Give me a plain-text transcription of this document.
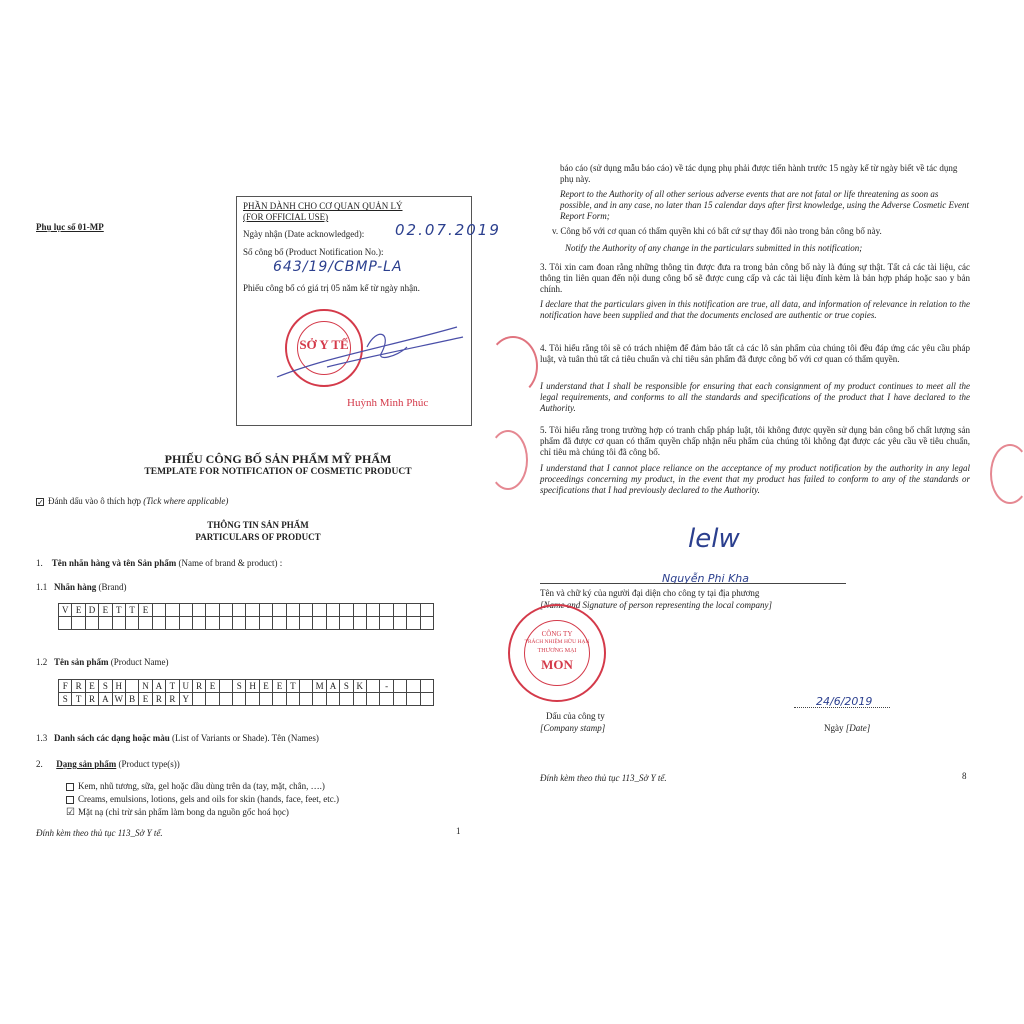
Phụ lục số 01-MP
PHẦN DÀNH CHO CƠ QUAN QUẢN LÝ
(FOR OFFICIAL USE)
Ngày nhận (Date acknowledged): 02.07.2019
Số công bố (Product Notification No.):
643/19/CBMP-LA
Phiếu công bố có giá trị 05 năm kể từ ngày nhận.
SỞ Y TẾ
Huỳnh Minh Phúc
PHIẾU CÔNG BỐ SẢN PHẨM MỸ PHẨM
TEMPLATE FOR NOTIFICATION OF COSMETIC PRODUCT
✓ Đánh dấu vào ô thích hợp (Tick where applicable)
THÔNG TIN SẢN PHẨM
PARTICULARS OF PRODUCT
1. Tên nhãn hàng và tên Sản phẩm (Name of brand & product) :
1.1 Nhãn hàng (Brand)
V	E	D	E	T	T	E																					

1.2 Tên sản phẩm (Product Name)
F	R	E	S	H		N	A	T	U	R	E		S	H	E	E	T		M	A	S	K		-			
S	T	R	A	W	B	E	R	R	Y																		
1.3 Danh sách các dạng hoặc màu (List of Variants or Shade). Tên (Names)
2. Dạng sản phẩm (Product type(s))
Kem, nhũ tương, sữa, gel hoặc dầu dùng trên da (tay, mặt, chân, ….)
Creams, emulsions, lotions, gels and oils for skin (hands, face, feet, etc.)
☑ Mặt nạ (chỉ trừ sản phẩm làm bong da nguồn gốc hoá học)
Đính kèm theo thủ tục 113_Sở Y tế.	1
báo cáo (sử dụng mẫu báo cáo) về tác dụng phụ phải được tiến hành trước 15 ngày kể từ ngày biết về tác dụng phụ này.
Report to the Authority of all other serious adverse events that are not fatal or life threatening as soon as possible, and in any case, no later than 15 calendar days after first knowledge, using the Adverse Cosmetic Event Report Form;
v. Công bố với cơ quan có thẩm quyền khi có bất cứ sự thay đổi nào trong bản công bố này.
Notify the Authority of any change in the particulars submitted in this notification;
3. Tôi xin cam đoan rằng những thông tin được đưa ra trong bản công bố này là đúng sự thật. Tất cả các tài liệu, các thông tin liên quan đến nội dung công bố sẽ được cung cấp và các tài liệu đính kèm là bản hợp pháp hoặc sao y bản chính.
I declare that the particulars given in this notification are true, all data, and information of relevance in relation to the notification have been supplied and that the documents enclosed are authentic or true copies.
4. Tôi hiểu rằng tôi sẽ có trách nhiệm để đảm bảo tất cả các lô sản phẩm của chúng tôi đều đáp ứng các yêu cầu pháp luật, và tuân thủ tất cả tiêu chuẩn và chỉ tiêu sản phẩm đã được công bố với cơ quan có thẩm quyền.
I understand that I shall be responsible for ensuring that each consignment of my product continues to meet all the legal requirements, and conforms to all the standards and specifications of the product that I have declared to the Authority.
5. Tôi hiểu rằng trong trường hợp có tranh chấp pháp luật, tôi không được quyền sử dụng bản công bố chất lượng sản phẩm đã được cơ quan có thẩm quyền chấp nhận nếu phẩm của chúng tôi không đạt được các yêu cầu về tiêu chuẩn, chỉ tiêu mà chúng tôi đã công bố.
I understand that I cannot place reliance on the acceptance of my product notification by the authority in any legal proceedings concerning my product, in the event that my product has failed to conform to any of the standards or specifications that I had previously declared to the Authority.
lelw
Nguyễn Phi Kha
Tên và chữ ký của người đại diện cho công ty tại địa phương
[Name and Signature of person representing the local company]
CÔNG TY
TRÁCH NHIỆM HỮU HẠN
THƯƠNG MẠI
MON
24/6/2019
Dấu của công ty
[Company stamp]	Ngày [Date]
Đính kèm theo thủ tục 113_Sở Y tế.	8
